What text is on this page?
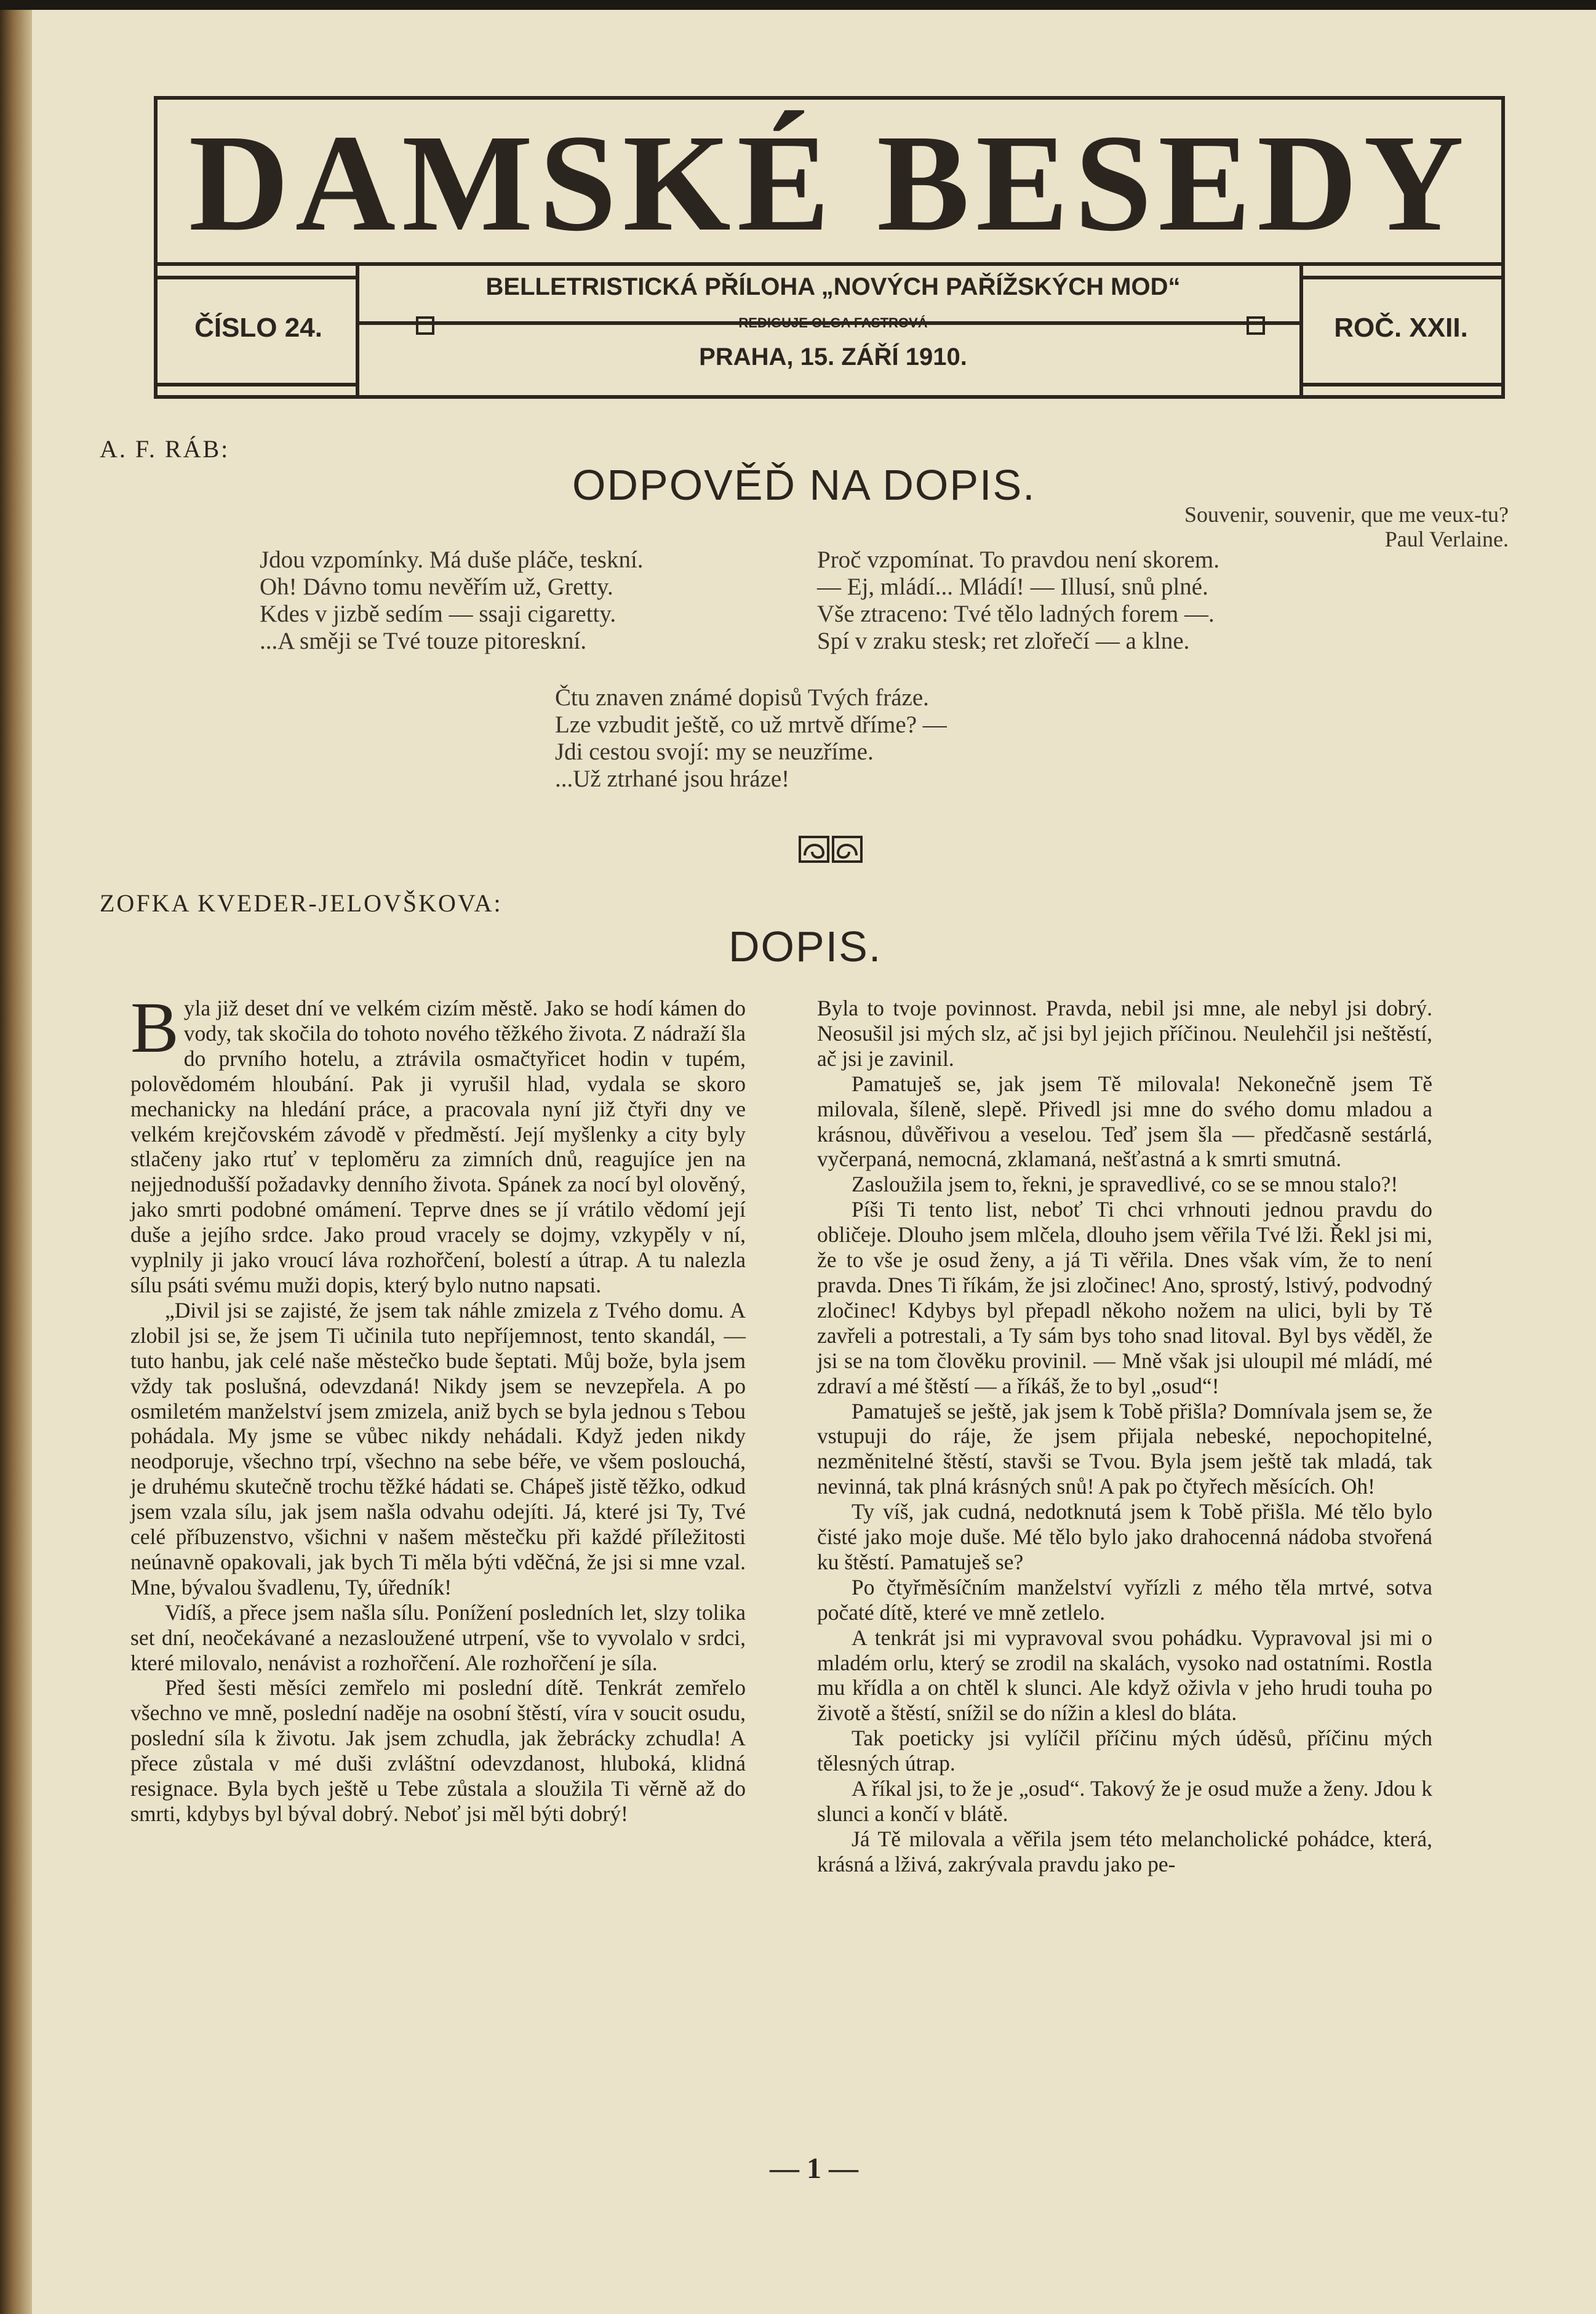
DAMSKÉ BESEDY
ČÍSLO 24.	ROČ. XXII.
BELLETRISTICKÁ PŘÍLOHA „NOVÝCH PAŘÍŽSKÝCH MOD“
REDIGUJE OLGA FASTROVÁ
PRAHA, 15. ZÁŘÍ 1910.
A. F. RÁB:
ODPOVĚĎ NA DOPIS.
Souvenir, souvenir, que me veux-tu?
Paul Verlaine.
Jdou vzpomínky. Má duše pláče, teskní.
Oh! Dávno tomu nevěřím už, Gretty.
Kdes v jizbě sedím — ssaji cigaretty.
...A směji se Tvé touze pitoreskní.
Proč vzpomínat. To pravdou není skorem.
— Ej, mládí... Mládí! — Illusí, snů plné.
Vše ztraceno: Tvé tělo ladných forem —.
Spí v zraku stesk; ret zlořečí — a klne.
Čtu znaven známé dopisů Tvých fráze.
Lze vzbudit ještě, co už mrtvě dříme? —
Jdi cestou svojí: my se neuzříme.
...Už ztrhané jsou hráze!
ZOFKA KVEDER-JELOVŠKOVA:
DOPIS.

Byla již deset dní ve velkém cizím městě. Jako se hodí kámen do vody, tak skočila do tohoto nového těžkého života. Z nádraží šla do prvního hotelu, a ztrávila osmačtyřicet hodin v tupém, polovědomém hloubání. Pak ji vyrušil hlad, vydala se skoro mechanicky na hledání práce, a pracovala nyní již čtyři dny ve velkém krejčovském závodě v předměstí. Její myšlenky a city byly stlačeny jako rtuť v teploměru za zimních dnů, reagujíce jen na nejjednodušší požadavky denního života. Spánek za nocí byl olověný, jako smrti podobné omámení. Teprve dnes se jí vrátilo vědomí její duše a jejího srdce. Jako proud vracely se dojmy, vzkypěly v ní, vyplnily ji jako vroucí láva rozhořčení, bolestí a útrap. A tu nalezla sílu psáti svému muži dopis, který bylo nutno napsati.

„Divil jsi se zajisté, že jsem tak náhle zmizela z Tvého domu. A zlobil jsi se, že jsem Ti učinila tuto nepříjemnost, tento skandál, — tuto hanbu, jak celé naše městečko bude šeptati. Můj bože, byla jsem vždy tak poslušná, odevzdaná! Nikdy jsem se nevzepřela. A po osmiletém manželství jsem zmizela, aniž bych se byla jednou s Tebou pohádala. My jsme se vůbec nikdy nehádali. Když jeden nikdy neodporuje, všechno trpí, všechno na sebe béře, ve všem poslouchá, je druhému skutečně trochu těžké hádati se. Chápeš jistě těžko, odkud jsem vzala sílu, jak jsem našla odvahu odejíti. Já, které jsi Ty, Tvé celé příbuzenstvo, všichni v našem městečku při každé příležitosti neúnavně opakovali, jak bych Ti měla býti vděčná, že jsi si mne vzal. Mne, bývalou švadlenu, Ty, úředník!

Vidíš, a přece jsem našla sílu. Ponížení posledních let, slzy tolika set dní, neočekávané a nezasloužené utrpení, vše to vyvolalo v srdci, které milovalo, nenávist a rozhořčení. Ale rozhořčení je síla.

Před šesti měsíci zemřelo mi poslední dítě. Tenkrát zemřelo všechno ve mně, poslední naděje na osobní štěstí, víra v soucit osudu, poslední síla k životu. Jak jsem zchudla, jak žebrácky zchudla! A přece zůstala v mé duši zvláštní odevzdanost, hluboká, klidná resignace. Byla bych ještě u Tebe zůstala a sloužila Ti věrně až do smrti, kdybys byl býval dobrý. Neboť jsi měl býti dobrý!

Byla to tvoje povinnost. Pravda, nebil jsi mne, ale nebyl jsi dobrý. Neosušil jsi mých slz, ač jsi byl jejich příčinou. Neulehčil jsi neštěstí, ač jsi je zavinil.

Pamatuješ se, jak jsem Tě milovala! Nekonečně jsem Tě milovala, šíleně, slepě. Přivedl jsi mne do svého domu mladou a krásnou, důvěřivou a veselou. Teď jsem šla — předčasně sestárlá, vyčerpaná, nemocná, zklamaná, nešťastná a k smrti smutná.

Zasloužila jsem to, řekni, je spravedlivé, co se se mnou stalo?!

Píši Ti tento list, neboť Ti chci vrhnouti jednou pravdu do obličeje. Dlouho jsem mlčela, dlouho jsem věřila Tvé lži. Řekl jsi mi, že to vše je osud ženy, a já Ti věřila. Dnes však vím, že to není pravda. Dnes Ti říkám, že jsi zločinec! Ano, sprostý, lstivý, podvodný zločinec! Kdybys byl přepadl někoho nožem na ulici, byli by Tě zavřeli a potrestali, a Ty sám bys toho snad litoval. Byl bys věděl, že jsi se na tom člověku provinil. — Mně však jsi uloupil mé mládí, mé zdraví a mé štěstí — a říkáš, že to byl „osud“!

Pamatuješ se ještě, jak jsem k Tobě přišla? Domnívala jsem se, že vstupuji do ráje, že jsem přijala nebeské, nepochopitelné, nezměnitelné štěstí, stavši se Tvou. Byla jsem ještě tak mladá, tak nevinná, tak plná krásných snů! A pak po čtyřech měsících. Oh!

Ty víš, jak cudná, nedotknutá jsem k Tobě přišla. Mé tělo bylo čisté jako moje duše. Mé tělo bylo jako drahocenná nádoba stvořená ku štěstí. Pamatuješ se?

Po čtyřměsíčním manželství vyřízli z mého těla mrtvé, sotva počaté dítě, které ve mně zetlelo.

A tenkrát jsi mi vypravoval svou pohádku. Vypravoval jsi mi o mladém orlu, který se zrodil na skalách, vysoko nad ostatními. Rostla mu křídla a on chtěl k slunci. Ale když oživla v jeho hrudi touha po životě a štěstí, snížil se do nížin a klesl do bláta.

Tak poeticky jsi vylíčil příčinu mých úděsů, příčinu mých tělesných útrap.

A říkal jsi, to že je „osud“. Takový že je osud muže a ženy. Jdou k slunci a končí v blátě.

Já Tě milovala a věřila jsem této melancholické pohádce, která, krásná a lživá, zakrývala pravdu jako pe-

— 1 —
